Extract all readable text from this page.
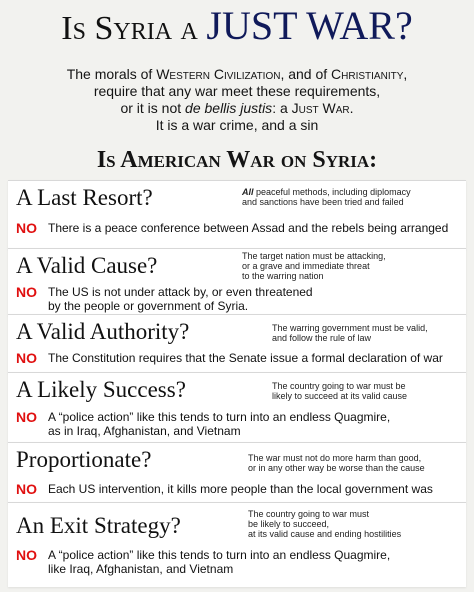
Is Syria a JUST WAR?
The morals of Western Civilization, and of Christianity,
require that any war meet these requirements,
or it is not de bellis justis: a Just War.
It is a war crime, and a sin
Is American War on Syria:
A Last Resort?	All peaceful methods, including diplomacy
and sanctions have been tried and failed
NO There is a peace conference between Assad and the rebels being arranged
A Valid Cause?	The target nation must be attacking,
or a grave and immediate threat
to the warring nation
NO The US is not under attack by, or even threatened
by the people or government of Syria.
A Valid Authority?	The warring government must be valid,
and follow the rule of law
NO The Constitution requires that the Senate issue a formal declaration of war
A Likely Success?	The country going to war must be
likely to succeed at its valid cause
NO A “police action” like this tends to turn into an endless Quagmire,
as in Iraq, Afghanistan, and Vietnam
Proportionate?	The war must not do more harm than good,
or in any other way be worse than the cause
NO Each US intervention, it kills more people than the local government was
An Exit Strategy?	The country going to war must
be likely to succeed,
at its valid cause and ending hostilities
NO A “police action” like this tends to turn into an endless Quagmire,
like Iraq, Afghanistan, and Vietnam
